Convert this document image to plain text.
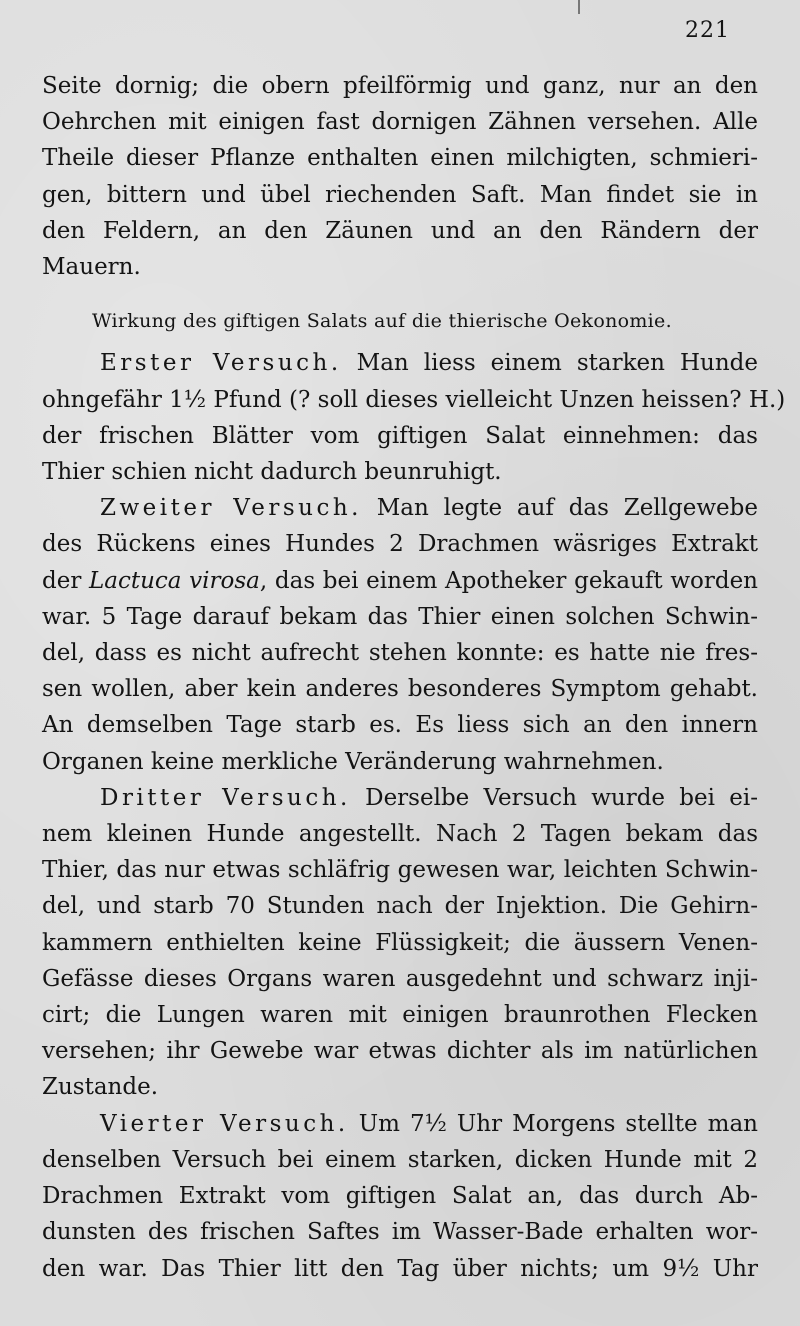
221
Seite dornig; die obern pfeilförmig und ganz, nur an den
Oehrchen mit einigen fast dornigen Zähnen versehen. Alle
Theile dieser Pflanze enthalten einen milchigten, schmieri-
gen, bittern und übel riechenden Saft. Man findet sie in
den Feldern, an den Zäunen und an den Rändern der
Mauern.
Wirkung des giftigen Salats auf die thierische Oekonomie.
Erster Versuch. Man liess einem starken Hunde
ohngefähr 1½ Pfund (? soll dieses vielleicht Unzen heissen? H.)
der frischen Blätter vom giftigen Salat einnehmen: das
Thier schien nicht dadurch beunruhigt.
Zweiter Versuch. Man legte auf das Zellgewebe
des Rückens eines Hundes 2 Drachmen wäsriges Extrakt
der Lactuca virosa, das bei einem Apotheker gekauft worden
war. 5 Tage darauf bekam das Thier einen solchen Schwin-
del, dass es nicht aufrecht stehen konnte: es hatte nie fres-
sen wollen, aber kein anderes besonderes Symptom gehabt.
An demselben Tage starb es. Es liess sich an den innern
Organen keine merkliche Veränderung wahrnehmen.
Dritter Versuch. Derselbe Versuch wurde bei ei-
nem kleinen Hunde angestellt. Nach 2 Tagen bekam das
Thier, das nur etwas schläfrig gewesen war, leichten Schwin-
del, und starb 70 Stunden nach der Injektion. Die Gehirn-
kammern enthielten keine Flüssigkeit; die äussern Venen-
Gefässe dieses Organs waren ausgedehnt und schwarz inji-
cirt; die Lungen waren mit einigen braunrothen Flecken
versehen; ihr Gewebe war etwas dichter als im natürlichen
Zustande.
Vierter Versuch. Um 7½ Uhr Morgens stellte man
denselben Versuch bei einem starken, dicken Hunde mit 2
Drachmen Extrakt vom giftigen Salat an, das durch Ab-
dunsten des frischen Saftes im Wasser-Bade erhalten wor-
den war. Das Thier litt den Tag über nichts; um 9½ Uhr
